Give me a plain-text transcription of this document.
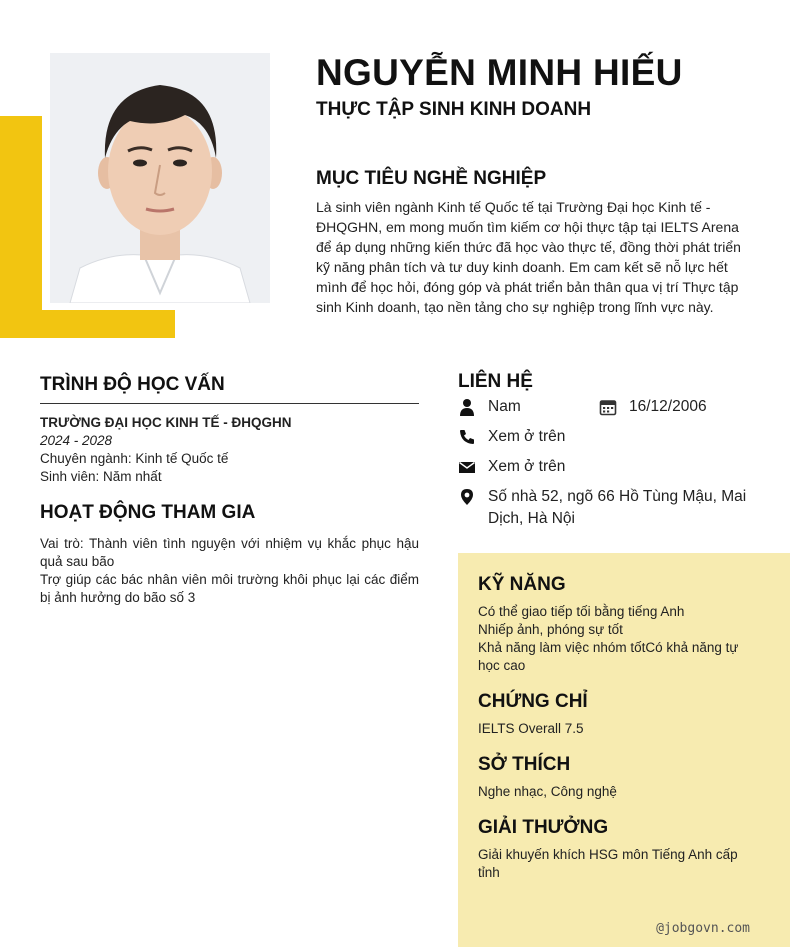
NGUYỄN MINH HIẾU
THỰC TẬP SINH KINH DOANH
MỤC TIÊU NGHỀ NGHIỆP
Là sinh viên ngành Kinh tế Quốc tế tại Trường Đại học Kinh tế - ĐHQGHN, em mong muốn tìm kiếm cơ hội thực tập tại IELTS Arena để áp dụng những kiến thức đã học vào thực tế, đồng thời phát triển kỹ năng phân tích và tư duy kinh doanh. Em cam kết sẽ nỗ lực hết mình để học hỏi, đóng góp và phát triển bản thân qua vị trí Thực tập sinh Kinh doanh, tạo nền tảng cho sự nghiệp trong lĩnh vực này.
TRÌNH ĐỘ HỌC VẤN
TRƯỜNG ĐẠI HỌC KINH TẾ - ĐHQGHN
2024 - 2028
Chuyên ngành: Kinh tế Quốc tế
Sinh viên: Năm nhất
HOẠT ĐỘNG THAM GIA
Vai trò: Thành viên tình nguyện với nhiệm vụ khắc phục hậu quả sau bão
Trợ giúp các bác nhân viên môi trường khôi phục lại các điểm bị ảnh hưởng do bão số 3
LIÊN HỆ
Nam	16/12/2006
Xem ở trên
Xem ở trên
Số nhà 52, ngõ 66 Hồ Tùng Mậu, Mai Dịch, Hà Nội
KỸ NĂNG
Có thể giao tiếp tối bằng tiếng Anh
Nhiếp ảnh, phóng sự tốt
Khả năng làm việc nhóm tốtCó khả năng tự học cao
CHỨNG CHỈ
IELTS Overall 7.5
SỞ THÍCH
Nghe nhạc, Công nghệ
GIẢI THƯỞNG
Giải khuyến khích HSG môn Tiếng Anh cấp tỉnh
@jobgovn.com
